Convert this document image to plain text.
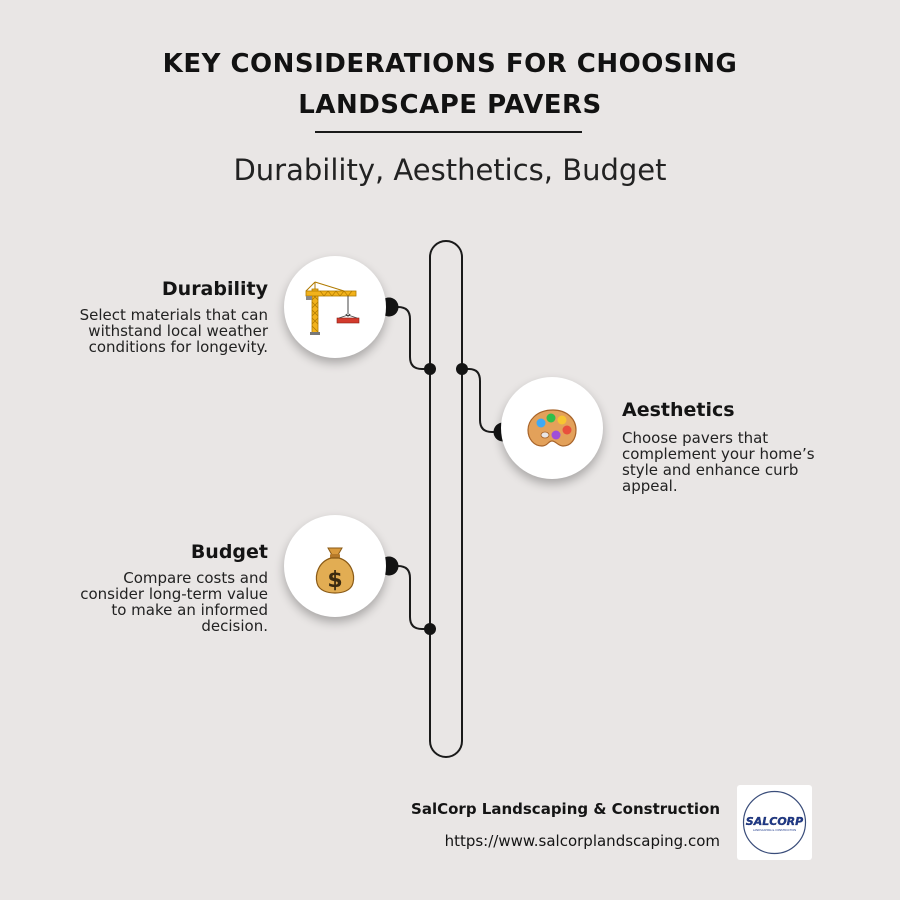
KEY CONSIDERATIONS FOR CHOOSING
LANDSCAPE PAVERS
Durability, Aesthetics, Budget
Durability
Select materials that can
withstand local weather
conditions for longevity.
Aesthetics
Choose pavers that
complement your home’s
style and enhance curb
appeal.
$
Budget
Compare costs and
consider long-term value
to make an informed
decision.
SalCorp Landscaping & Construction
https://www.salcorplandscaping.com
SALCORP
LANDSCAPING & CONSTRUCTION
